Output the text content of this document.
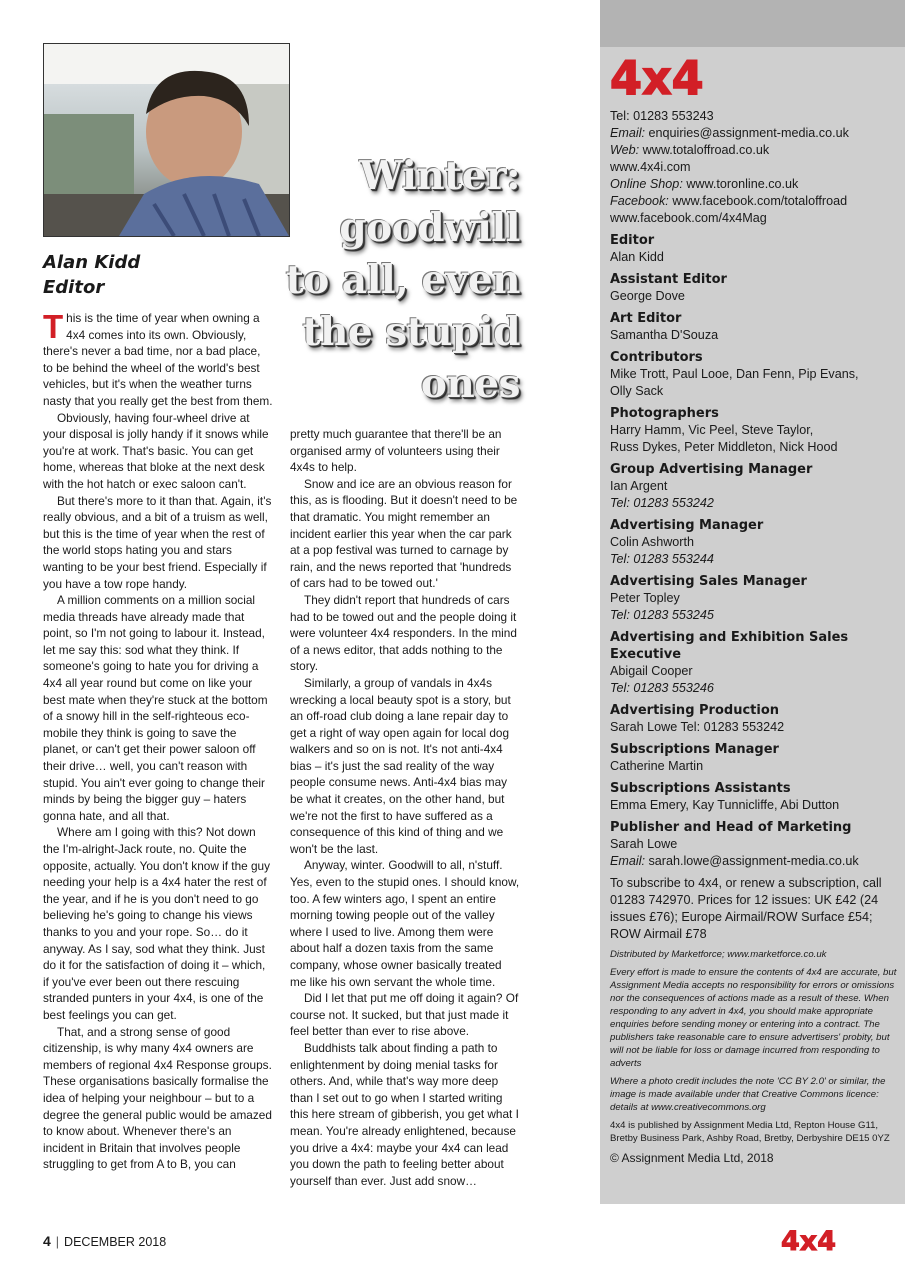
Winter:
goodwill
to all, even
the stupid
ones
Alan Kidd
Editor

This is the time of year when owning a 4x4 comes into its own. Obviously, there's never a bad time, nor a bad place, to be behind the wheel of the world's best vehicles, but it's when the weather turns nasty that you really get the best from them.

Obviously, having four-wheel drive at your disposal is jolly handy if it snows while you're at work. That's basic. You can get home, whereas that bloke at the next desk with the hot hatch or exec saloon can't.

But there's more to it than that. Again, it's really obvious, and a bit of a truism as well, but this is the time of year when the rest of the world stops hating you and stars wanting to be your best friend. Especially if you have a tow rope handy.

A million comments on a million social media threads have already made that point, so I'm not going to labour it. Instead, let me say this: sod what they think. If someone's going to hate you for driving a 4x4 all year round but come on like your best mate when they're stuck at the bottom of a snowy hill in the self-righteous eco-mobile they think is going to save the planet, or can't get their power saloon off their drive… well, you can't reason with stupid. You ain't ever going to change their minds by being the bigger guy – haters gonna hate, and all that.

Where am I going with this? Not down the I'm-alright-Jack route, no. Quite the opposite, actually. You don't know if the guy needing your help is a 4x4 hater the rest of the year, and if he is you don't need to go believing he's going to change his views thanks to you and your rope. So… do it anyway. As I say, sod what they think. Just do it for the satisfaction of doing it – which, if you've ever been out there rescuing stranded punters in your 4x4, is one of the best feelings you can get.

That, and a strong sense of good citizenship, is why many 4x4 owners are members of regional 4x4 Response groups. These organisations basically formalise the idea of helping your neighbour – but to a degree the general public would be amazed to know about. Whenever there's an incident in Britain that involves people struggling to get from A to B, you can

pretty much guarantee that there'll be an organised army of volunteers using their 4x4s to help.

Snow and ice are an obvious reason for this, as is flooding. But it doesn't need to be that dramatic. You might remember an incident earlier this year when the car park at a pop festival was turned to carnage by rain, and the news reported that 'hundreds of cars had to be towed out.'

They didn't report that hundreds of cars had to be towed out and the people doing it were volunteer 4x4 responders. In the mind of a news editor, that adds nothing to the story.

Similarly, a group of vandals in 4x4s wrecking a local beauty spot is a story, but an off-road club doing a lane repair day to get a right of way open again for local dog walkers and so on is not. It's not anti-4x4 bias – it's just the sad reality of the way people consume news. Anti-4x4 bias may be what it creates, on the other hand, but we're not the first to have suffered as a consequence of this kind of thing and we won't be the last.

Anyway, winter. Goodwill to all, n'stuff. Yes, even to the stupid ones. I should know, too. A few winters ago, I spent an entire morning towing people out of the valley where I used to live. Among them were about half a dozen taxis from the same company, whose owner basically treated me like his own servant the whole time.

Did I let that put me off doing it again? Of course not. It sucked, but that just made it feel better than ever to rise above.

Buddhists talk about finding a path to enlightenment by doing menial tasks for others. And, while that's way more deep than I set out to go when I started writing this here stream of gibberish, you get what I mean. You're already enlightened, because you drive a 4x4: maybe your 4x4 can lead you down the path to feeling better about yourself than ever. Just add snow…

4x4
Tel: 01283 553243
Email: enquiries@assignment-media.co.uk
Web: www.totaloffroad.co.uk
www.4x4i.com
Online Shop: www.toronline.co.uk
Facebook: www.facebook.com/totaloffroad
www.facebook.com/4x4Mag
Editor
Alan Kidd
Assistant Editor
George Dove
Art Editor
Samantha D'Souza
Contributors
Mike Trott, Paul Looe, Dan Fenn, Pip Evans,
Olly Sack
Photographers
Harry Hamm, Vic Peel, Steve Taylor,
Russ Dykes, Peter Middleton, Nick Hood
Group Advertising Manager
Ian Argent
Tel: 01283 553242
Advertising Manager
Colin Ashworth
Tel: 01283 553244
Advertising Sales Manager
Peter Topley
Tel: 01283 553245
Advertising and Exhibition Sales Executive
Abigail Cooper
Tel: 01283 553246
Advertising Production
Sarah Lowe Tel: 01283 553242
Subscriptions Manager
Catherine Martin
Subscriptions Assistants
Emma Emery, Kay Tunnicliffe, Abi Dutton
Publisher and Head of Marketing
Sarah Lowe
Email: sarah.lowe@assignment-media.co.uk
To subscribe to 4x4, or renew a subscription, call 01283 742970. Prices for 12 issues: UK £42 (24 issues £76); Europe Airmail/ROW Surface £54; ROW Airmail £78

Distributed by Marketforce; www.marketforce.co.uk

Every effort is made to ensure the contents of 4x4 are accurate, but Assignment Media accepts no responsibility for errors or omissions nor the consequences of actions made as a result of these. When responding to any advert in 4x4, you should make appropriate enquiries before sending money or entering into a contract. The publishers take reasonable care to ensure advertisers' probity, but will not be liable for loss or damage incurred from responding to adverts

Where a photo credit includes the note 'CC BY 2.0' or similar, the image is made available under that Creative Commons licence: details at www.creativecommons.org

4x4 is published by Assignment Media Ltd, Repton House G11, Bretby Business Park, Ashby Road, Bretby, Derbyshire DE15 0YZ

© Assignment Media Ltd, 2018
4 | DECEMBER 2018	4x4
